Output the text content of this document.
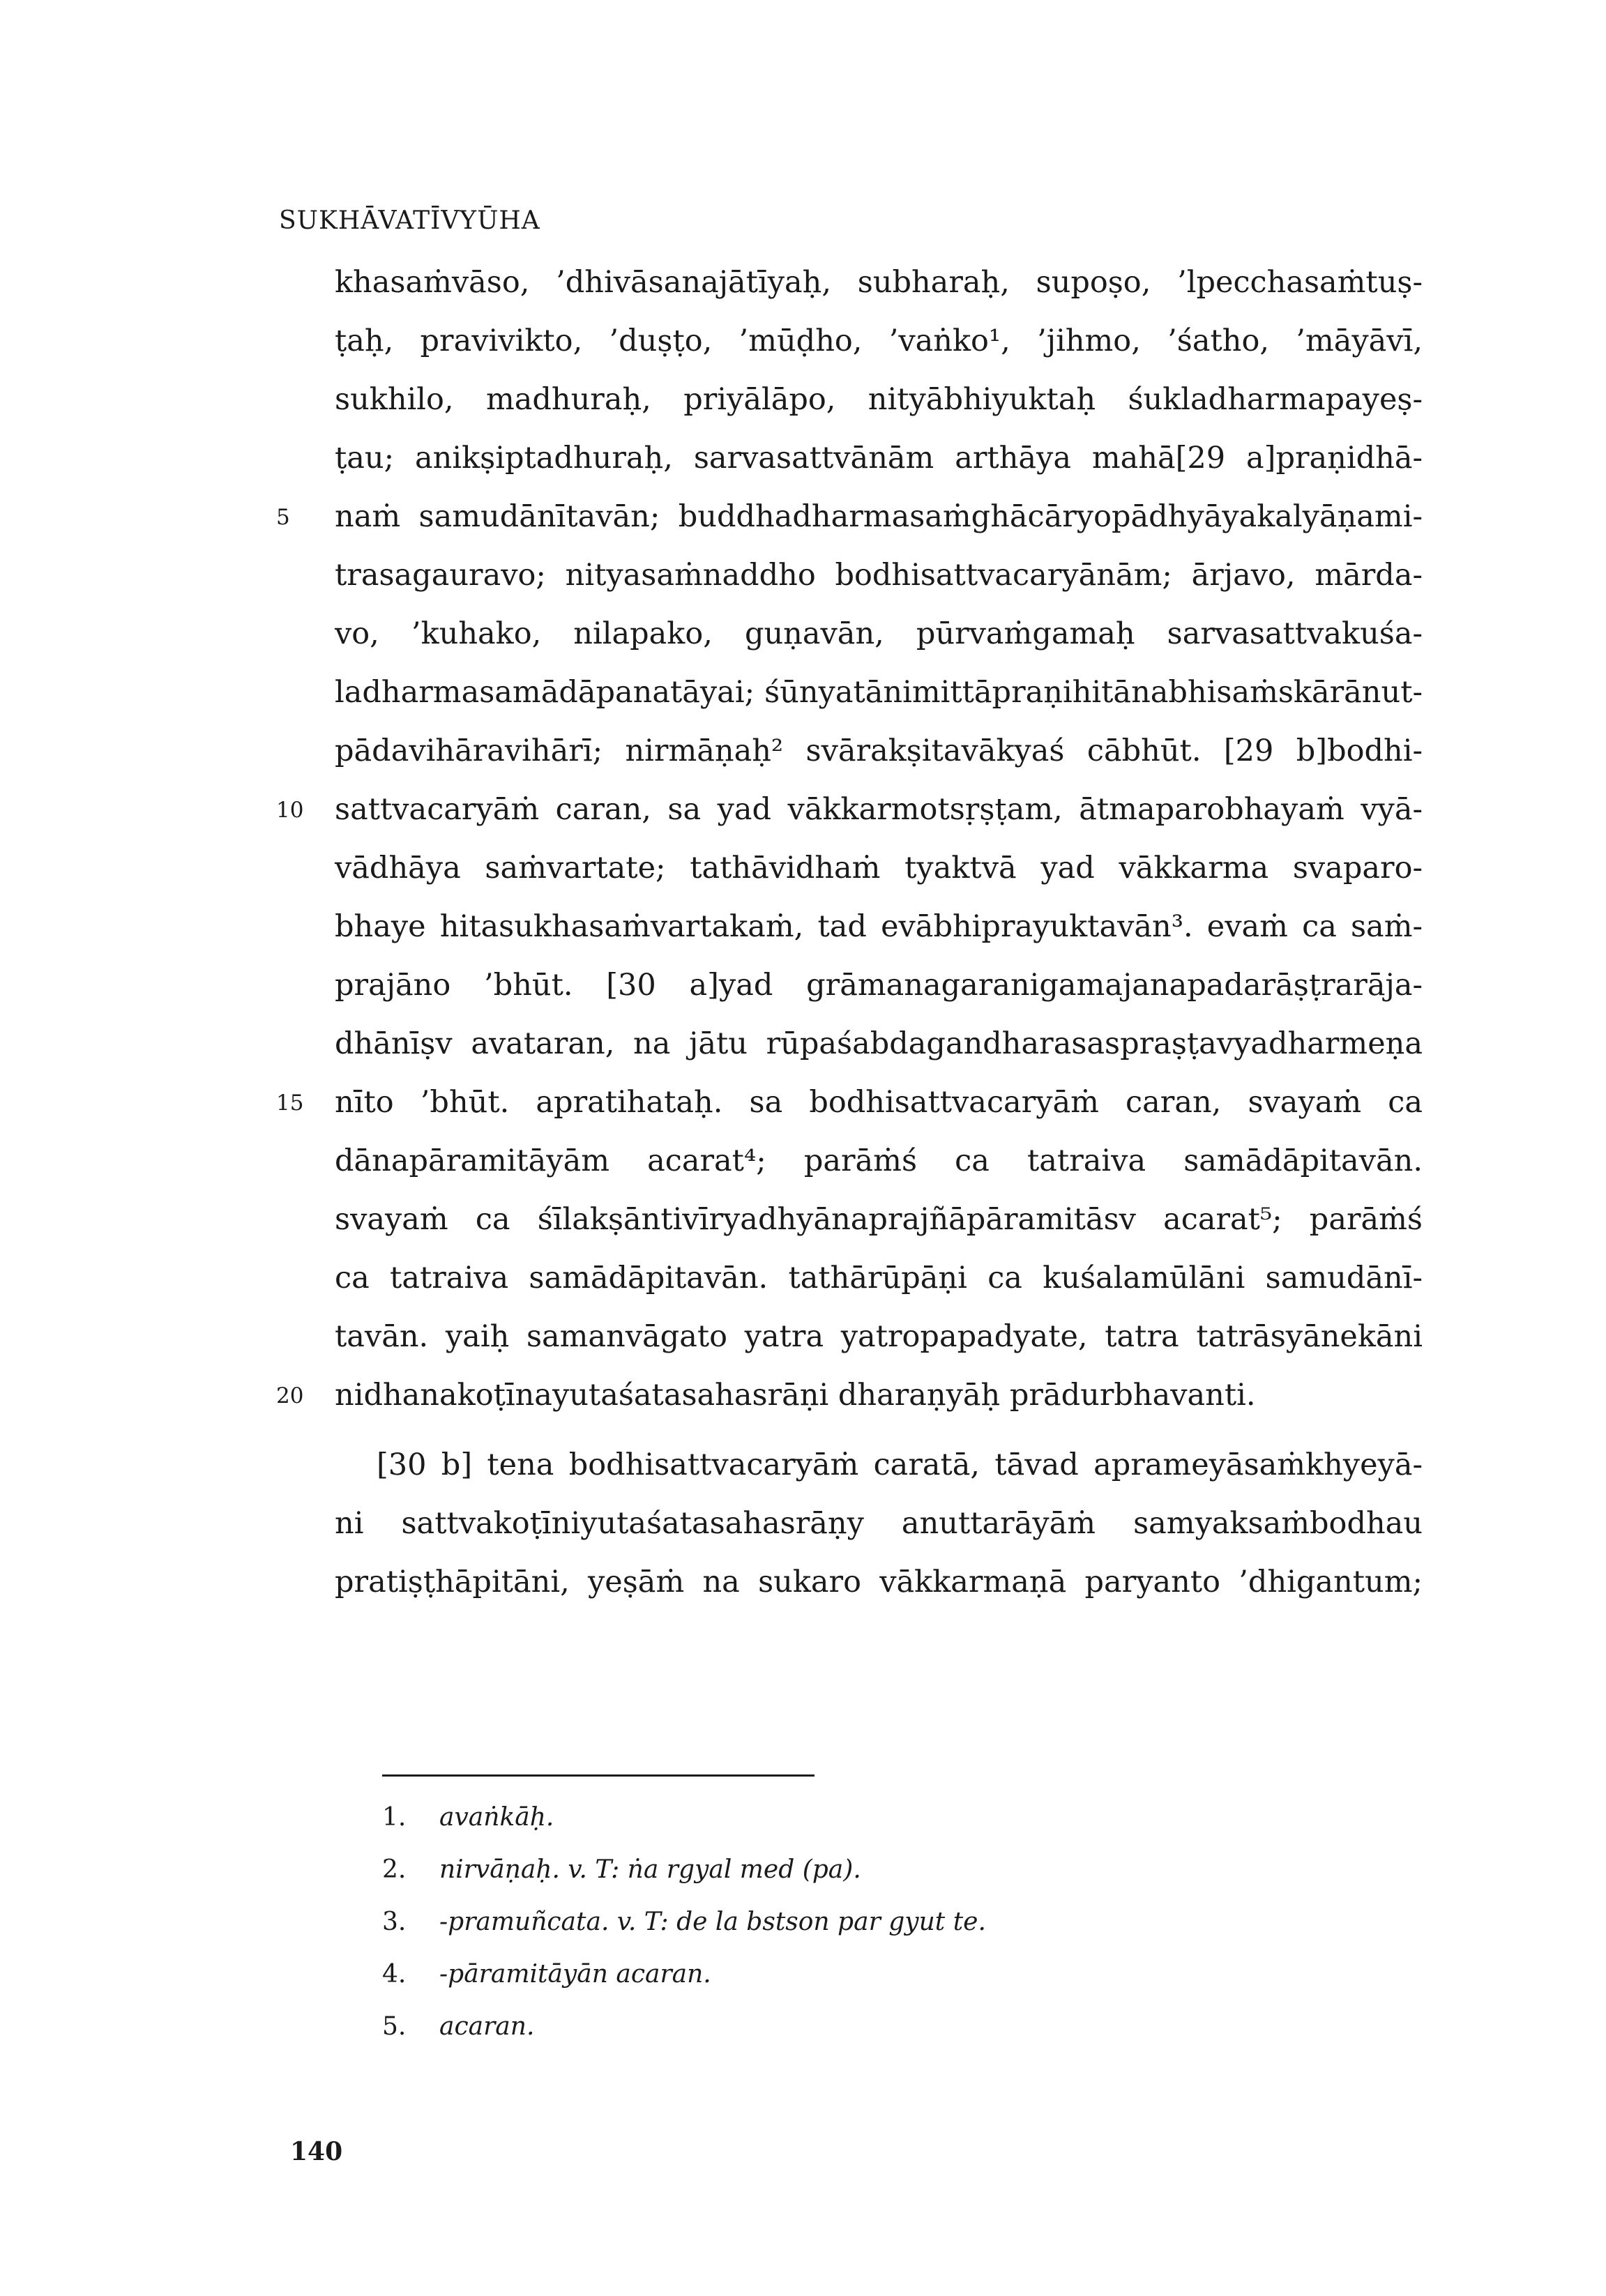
SUKHĀVATĪVYŪHA
khasaṁvāso, ’dhivāsanajātīyaḥ, subharaḥ, supoṣo, ’lpecchasaṁtuṣ-
ṭaḥ, pravivikto, ’duṣṭo, ’mūḍho, ’vaṅko¹, ’jihmo, ’śatho, ’māyāvī,
sukhilo, madhuraḥ, priyālāpo, nityābhiyuktaḥ śukladharmapayeṣ-
ṭau; anikṣiptadhuraḥ, sarvasattvānām arthāya mahā[29 a]praṇidhā-
naṁ samudānītavān; buddhadharmasaṁghācāryopādhyāyakalyāṇami-
trasagauravo; nityasaṁnaddho bodhisattvacaryānām; ārjavo, mārda-
vo, ’kuhako, nilapako, guṇavān, pūrvaṁgamaḥ sarvasattvakuśa-
ladharmasamādāpanatāyai; śūnyatānimittāpraṇihitānabhisaṁskārānut-
pādavihāravihārī; nirmāṇaḥ² svārakṣitavākyaś cābhūt. [29 b]bodhi-
sattvacaryāṁ caran, sa yad vākkarmotsṛṣṭam, ātmaparobhayaṁ vyā-
vādhāya saṁvartate; tathāvidhaṁ tyaktvā yad vākkarma svaparo-
bhaye hitasukhasaṁvartakaṁ, tad evābhiprayuktavān³. evaṁ ca saṁ-
prajāno ’bhūt. [30 a]yad grāmanagaranigamajanapadarāṣṭrarāja-
dhānīṣv avataran, na jātu rūpaśabdagandharasaspraṣṭavyadharmeṇa
nīto ’bhūt. apratihataḥ. sa bodhisattvacaryāṁ caran, svayaṁ ca
dānapāramitāyām acarat⁴; parāṁś ca tatraiva samādāpitavān.
svayaṁ ca śīlakṣāntivīryadhyānaprajñāpāramitāsv acarat⁵; parāṁś
ca tatraiva samādāpitavān. tathārūpāṇi ca kuśalamūlāni samudānī-
tavān. yaiḥ samanvāgato yatra yatropapadyate, tatra tatrāsyānekāni
nidhanakoṭīnayutaśatasahasrāṇi dharaṇyāḥ prādurbhavanti.
[30 b] tena bodhisattvacaryāṁ caratā, tāvad aprameyāsaṁkhyeyā-
ni sattvakoṭīniyutaśatasahasrāṇy anuttarāyāṁ samyaksaṁbodhau
pratiṣṭhāpitāni, yeṣāṁ na sukaro vākkarmaṇā paryanto ’dhigantum;
5
10
15
20
1. avaṅkāḥ.
2. nirvāṇaḥ. v. T: ṅa rgyal med (pa).
3. -pramuñcata. v. T: de la bstson par gyut te.
4. -pāramitāyān acaran.
5. acaran.
140
